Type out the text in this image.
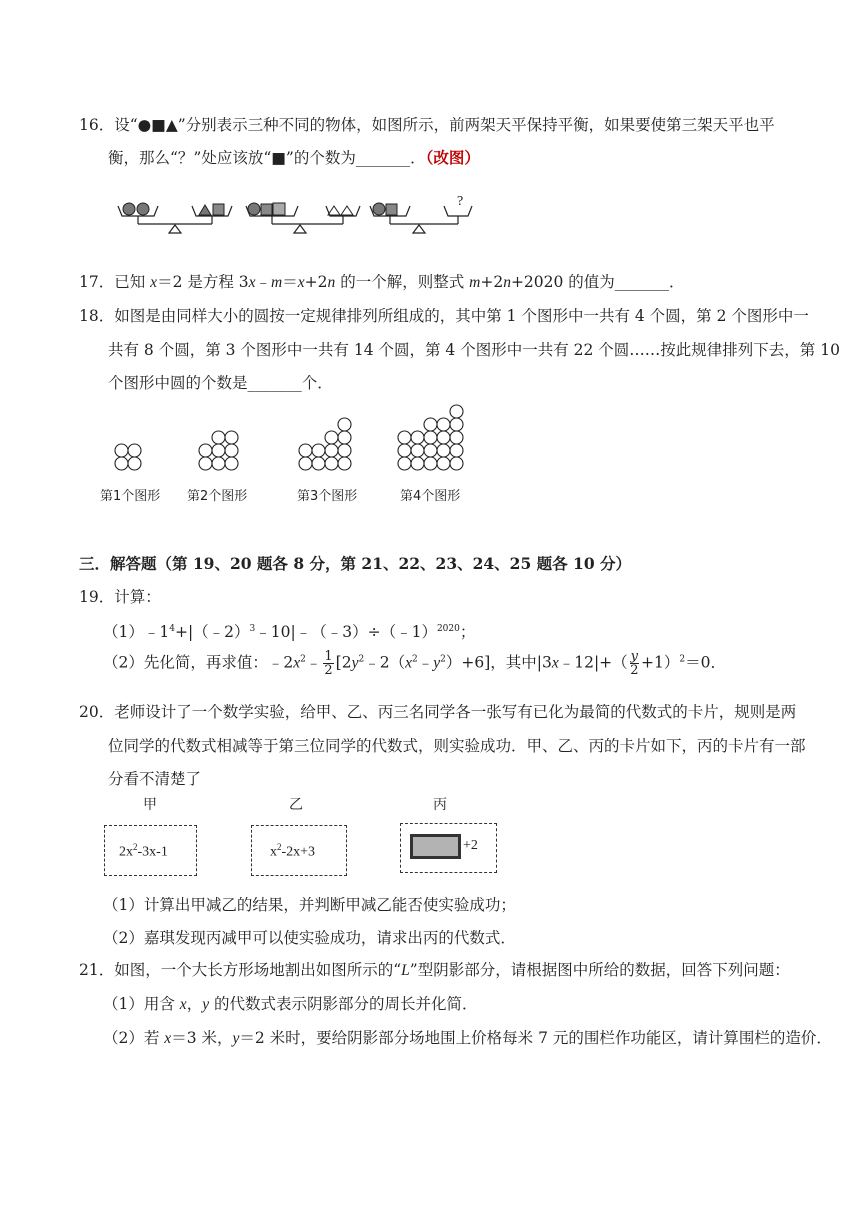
16．设“●■▲”分别表示三种不同的物体，如图所示，前两架天平保持平衡，如果要使第三架天平也平
衡，那么“？”处应该放“■”的个数为_______．（改图）
?
17．已知 x＝2 是方程 3x﹣m＝x+2n 的一个解，则整式 m+2n+2020 的值为_______．
18．如图是由同样大小的圆按一定规律排列所组成的，其中第 1 个图形中一共有 4 个圆，第 2 个图形中一
共有 8 个圆，第 3 个图形中一共有 14 个圆，第 4 个图形中一共有 22 个圆……按此规律排列下去，第 10
个图形中圆的个数是_______个．
第1个图形 第2个图形	第3个图形	第4个图形
三．解答题（第 19、20 题各 8 分，第 21、22、23、24、25 题各 10 分）
19．计算：
$(1)﹣1^4+|(﹣2)^3﹣10|﹣(﹣3)\div(﹣1)^{2020}$；
（2）先化简，再求值：$﹣2x^2﹣ \frac{1}{2}$ $[2y^2﹣2(x^2﹣y^2)+6]$，其中|3x﹣12|+（ $\frac{y}{2} +1)^2=0$．
20．老师设计了一个数学实验，给甲、乙、丙三名同学各一张写有已化为最简的代数式的卡片，规则是两
位同学的代数式相减等于第三位同学的代数式，则实验成功．甲、乙、丙的卡片如下，丙的卡片有一部
分看不清楚了
甲	乙	丙
$2x^2-3x-1$	$x^2-2x+3$	+2
（1）计算出甲减乙的结果，并判断甲减乙能否使实验成功；
（2）嘉琪发现丙减甲可以使实验成功，请求出丙的代数式．
21．如图，一个大长方形场地割出如图所示的“L”型阴影部分，请根据图中所给的数据，回答下列问题：
（1）用含 x，y 的代数式表示阴影部分的周长并化简．
（2）若 x＝3 米，y＝2 米时，要给阴影部分场地围上价格每米 7 元的围栏作功能区，请计算围栏的造价．
